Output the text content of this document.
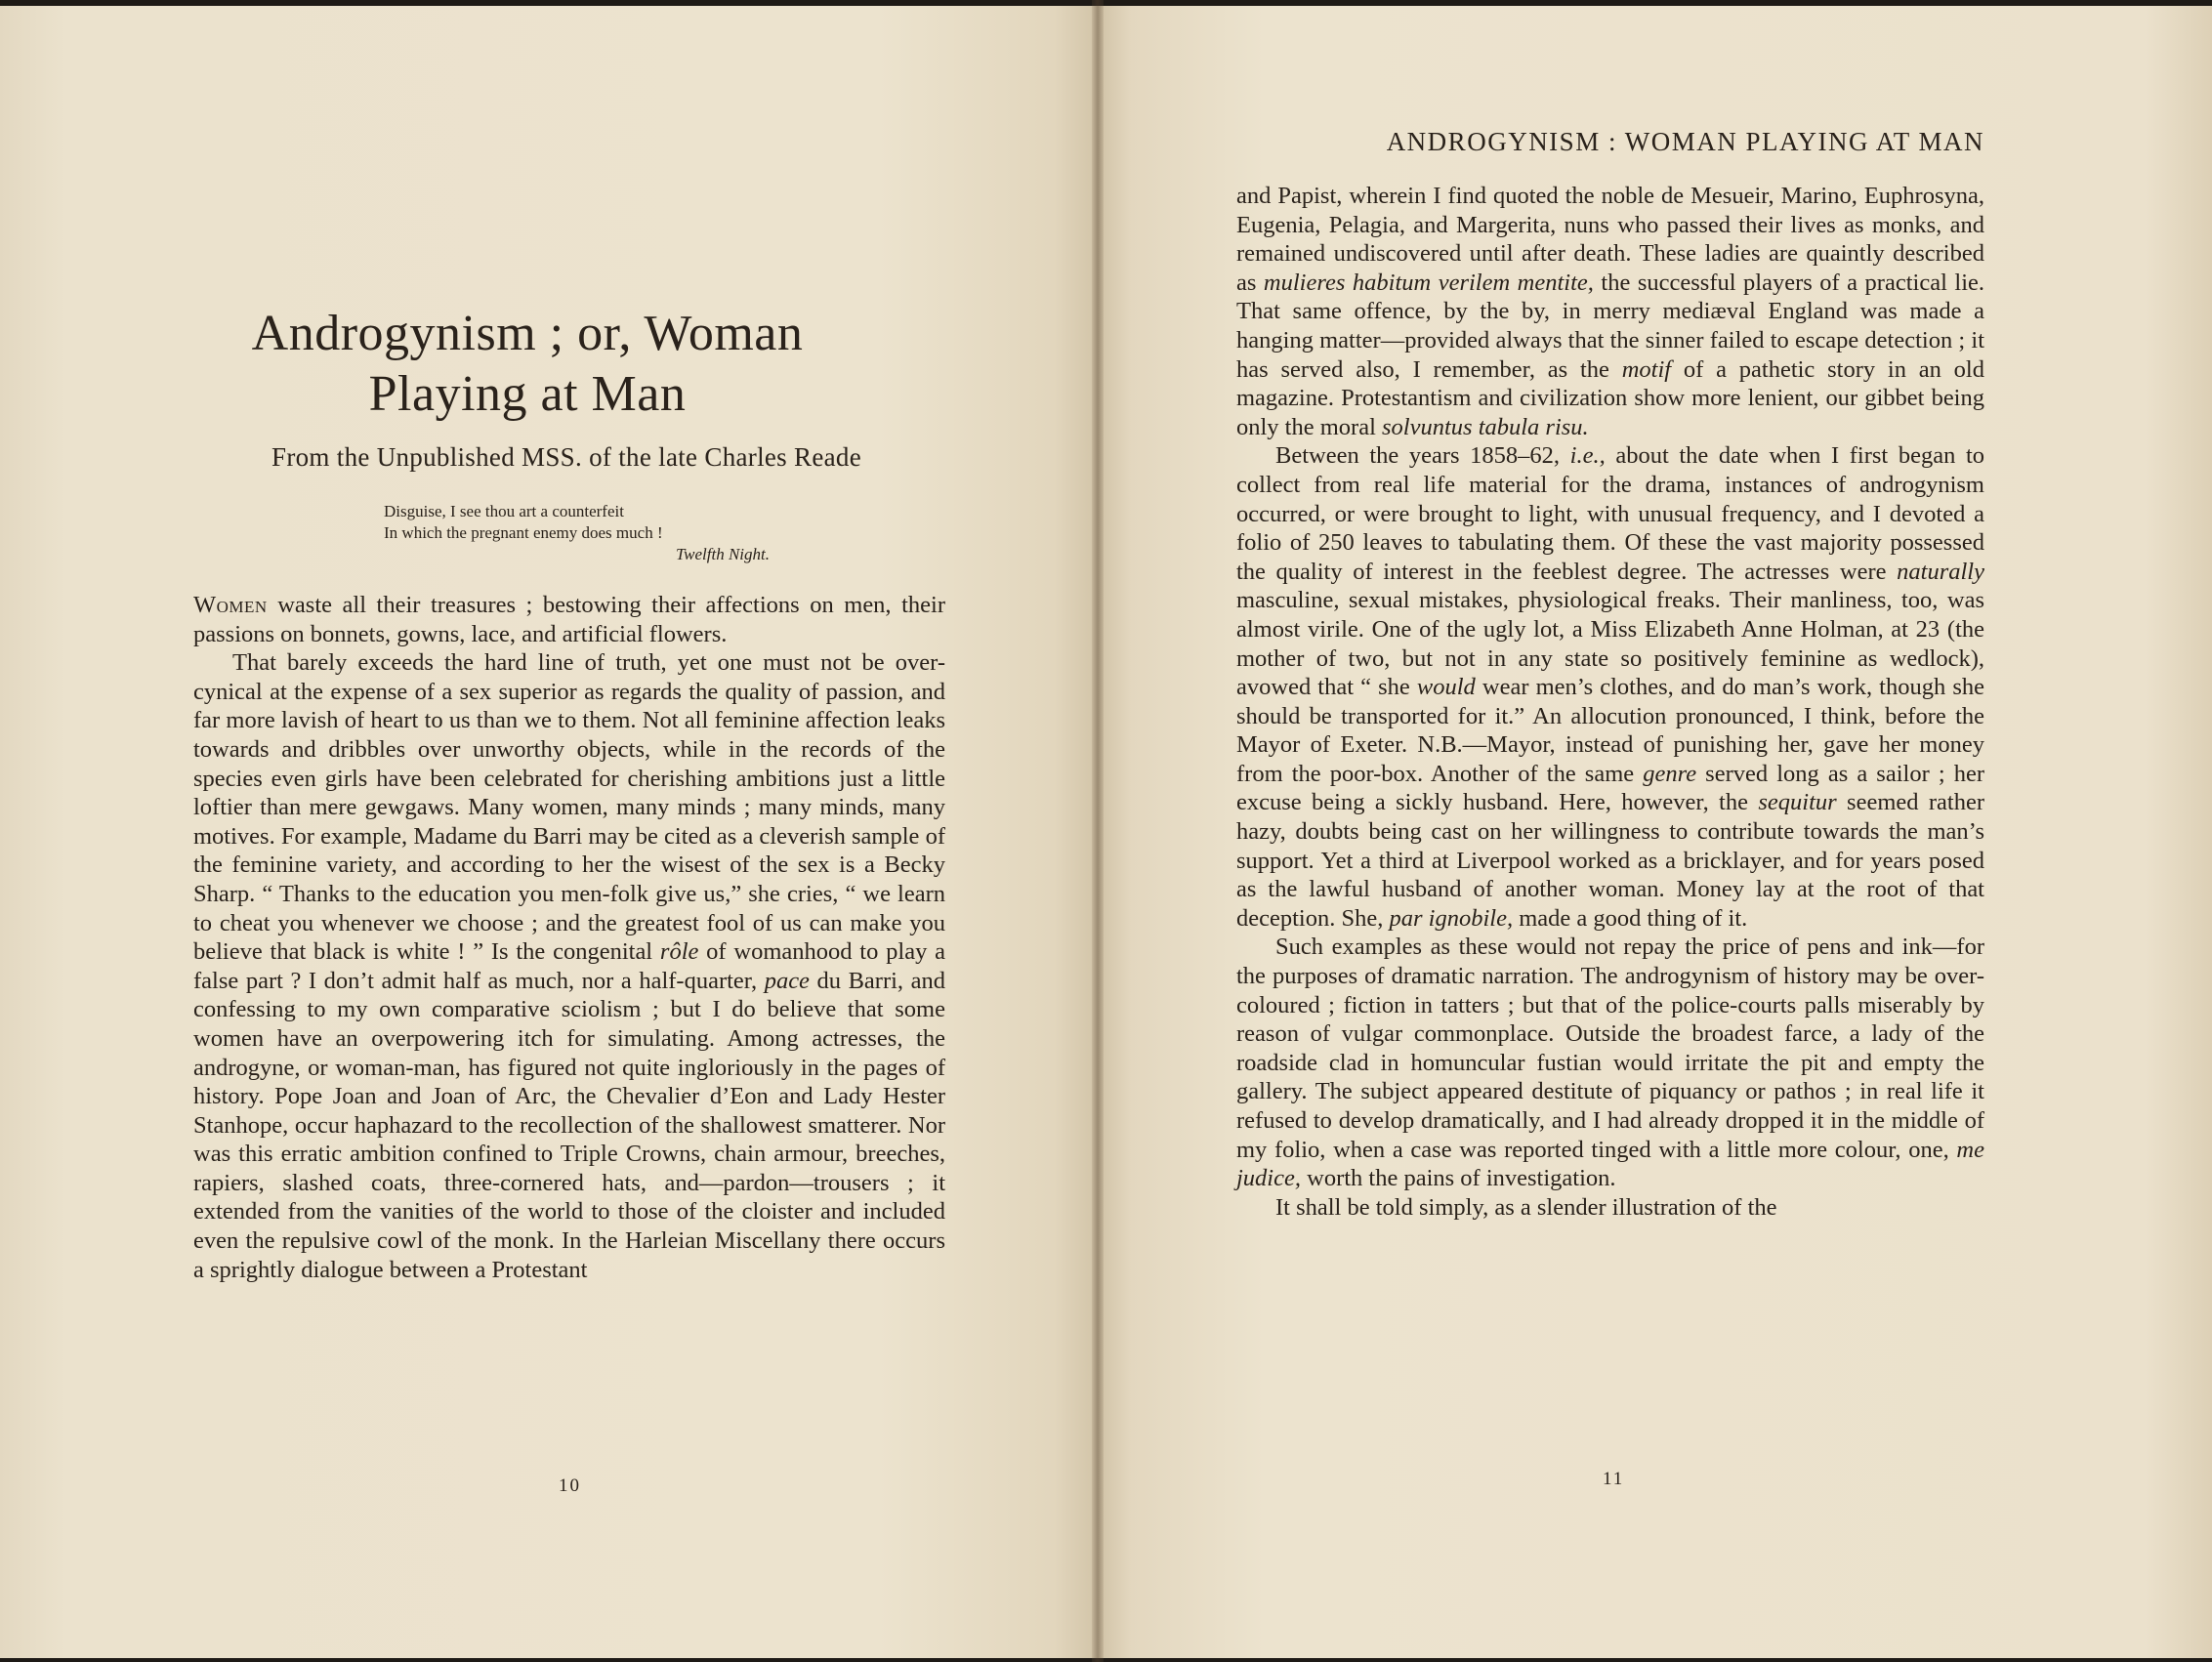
Androgynism ; or, Woman
Playing at Man

From the Unpublished MSS. of the late Charles Reade

Disguise, I see thou art a counterfeit
In which the pregnant enemy does much !
Twelfth Night.

Women waste all their treasures ; bestowing their affections on men, their passions on bonnets, gowns, lace, and artificial flowers.

That barely exceeds the hard line of truth, yet one must not be over-cynical at the expense of a sex superior as regards the quality of passion, and far more lavish of heart to us than we to them. Not all feminine affection leaks towards and dribbles over unworthy objects, while in the records of the species even girls have been celebrated for cherishing ambitions just a little loftier than mere gewgaws. Many women, many minds ; many minds, many motives. For example, Madame du Barri may be cited as a cleverish sample of the feminine variety, and according to her the wisest of the sex is a Becky Sharp. “ Thanks to the education you men-folk give us,” she cries, “ we learn to cheat you whenever we choose ; and the greatest fool of us can make you believe that black is white ! ” Is the congenital rôle of womanhood to play a false part ? I don’t admit half as much, nor a half-quarter, pace du Barri, and confessing to my own comparative sciolism ; but I do believe that some women have an overpowering itch for simulating. Among actresses, the androgyne, or woman-man, has figured not quite ingloriously in the pages of history. Pope Joan and Joan of Arc, the Chevalier d’Eon and Lady Hester Stanhope, occur haphazard to the recollection of the shallowest smatterer. Nor was this erratic ambition confined to Triple Crowns, chain armour, breeches, rapiers, slashed coats, three-cornered hats, and—pardon—trousers ; it extended from the vanities of the world to those of the cloister and included even the repulsive cowl of the monk. In the Harleian Miscellany there occurs a sprightly dialogue between a Protestant

10

ANDROGYNISM : WOMAN PLAYING AT MAN

and Papist, wherein I find quoted the noble de Mesueir, Marino, Euphrosyna, Eugenia, Pelagia, and Margerita, nuns who passed their lives as monks, and remained undiscovered until after death. These ladies are quaintly described as mulieres habitum verilem mentite, the successful players of a practical lie. That same offence, by the by, in merry mediæval England was made a hanging matter—provided always that the sinner failed to escape detection ; it has served also, I remember, as the motif of a pathetic story in an old magazine. Protestantism and civilization show more lenient, our gibbet being only the moral solvuntus tabula risu.

Between the years 1858–62, i.e., about the date when I first began to collect from real life material for the drama, instances of androgynism occurred, or were brought to light, with unusual frequency, and I devoted a folio of 250 leaves to tabulating them. Of these the vast majority possessed the quality of interest in the feeblest degree. The actresses were naturally masculine, sexual mistakes, physiological freaks. Their manliness, too, was almost virile. One of the ugly lot, a Miss Elizabeth Anne Holman, at 23 (the mother of two, but not in any state so positively feminine as wedlock), avowed that “ she would wear men’s clothes, and do man’s work, though she should be transported for it.” An allocution pronounced, I think, before the Mayor of Exeter. N.B.—Mayor, instead of punishing her, gave her money from the poor-box. Another of the same genre served long as a sailor ; her excuse being a sickly husband. Here, however, the sequitur seemed rather hazy, doubts being cast on her willingness to contribute towards the man’s support. Yet a third at Liverpool worked as a bricklayer, and for years posed as the lawful husband of another woman. Money lay at the root of that deception. She, par ignobile, made a good thing of it.

Such examples as these would not repay the price of pens and ink—for the purposes of dramatic narration. The androgynism of history may be over-coloured ; fiction in tatters ; but that of the police-courts palls miserably by reason of vulgar commonplace. Outside the broadest farce, a lady of the roadside clad in homuncular fustian would irritate the pit and empty the gallery. The subject appeared destitute of piquancy or pathos ; in real life it refused to develop dramatically, and I had already dropped it in the middle of my folio, when a case was reported tinged with a little more colour, one, me judice, worth the pains of investigation.

It shall be told simply, as a slender illustration of the

11
